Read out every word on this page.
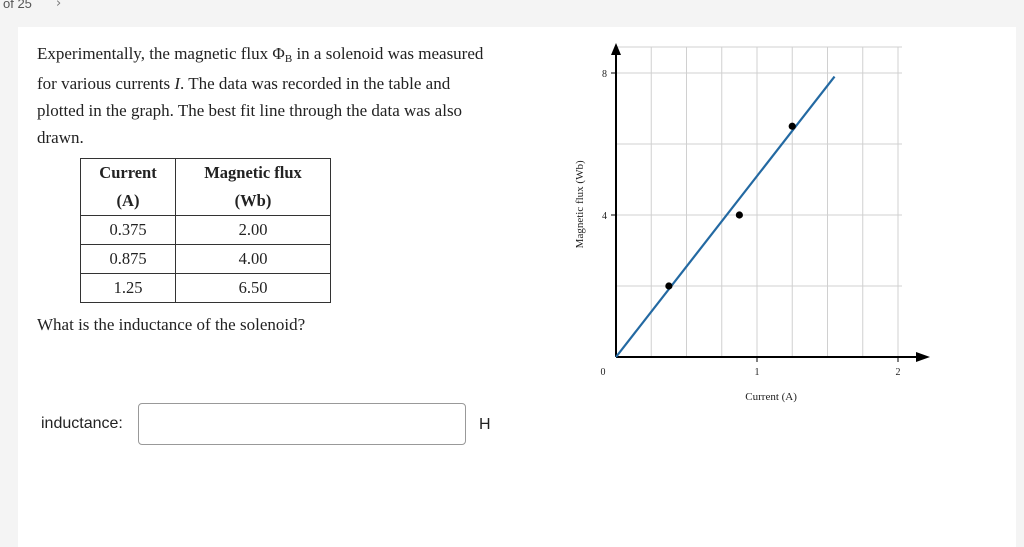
of 25 ›
Experimentally, the magnetic flux ΦB in a solenoid was measured for various currents I. The data was recorded in the table and plotted in the graph. The best fit line through the data was also drawn.
Current	Magnetic flux
(A)	(Wb)
0.375	2.00
0.875	4.00
1.25	6.50
What is the inductance of the solenoid?
inductance:	H
0	1	2
4
8
Current (A)
Magnetic flux (Wb)
